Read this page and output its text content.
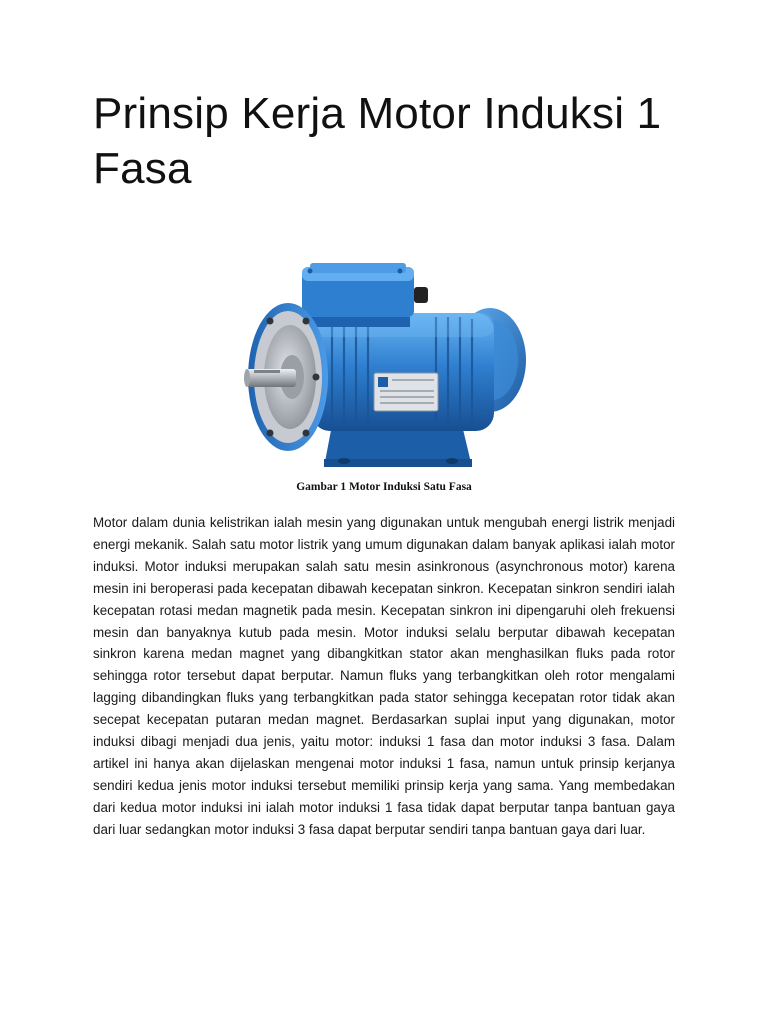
Prinsip Kerja Motor Induksi 1 Fasa
Gambar 1 Motor Induksi Satu Fasa

Motor dalam dunia kelistrikan ialah mesin yang digunakan untuk mengubah energi listrik menjadi energi mekanik. Salah satu motor listrik yang umum digunakan dalam banyak aplikasi ialah motor induksi. Motor induksi merupakan salah satu mesin asinkronous (asynchronous motor) karena mesin ini beroperasi pada kecepatan dibawah kecepatan sinkron. Kecepatan sinkron sendiri ialah kecepatan rotasi medan magnetik pada mesin. Kecepatan sinkron ini dipengaruhi oleh frekuensi mesin dan banyaknya kutub pada mesin. Motor induksi selalu berputar dibawah kecepatan sinkron karena medan magnet yang dibangkitkan stator akan menghasilkan fluks pada rotor sehingga rotor tersebut dapat berputar. Namun fluks yang terbangkitkan oleh rotor mengalami lagging dibandingkan fluks yang terbangkitkan pada stator sehingga kecepatan rotor tidak akan secepat kecepatan putaran medan magnet. Berdasarkan suplai input yang digunakan, motor induksi dibagi menjadi dua jenis, yaitu motor: induksi 1 fasa dan motor induksi 3 fasa. Dalam artikel ini hanya akan dijelaskan mengenai motor induksi 1 fasa, namun untuk prinsip kerjanya sendiri kedua jenis motor induksi tersebut memiliki prinsip kerja yang sama. Yang membedakan dari kedua motor induksi ini ialah motor induksi 1 fasa tidak dapat berputar tanpa bantuan gaya dari luar sedangkan motor induksi 3 fasa dapat berputar sendiri tanpa bantuan gaya dari luar.
